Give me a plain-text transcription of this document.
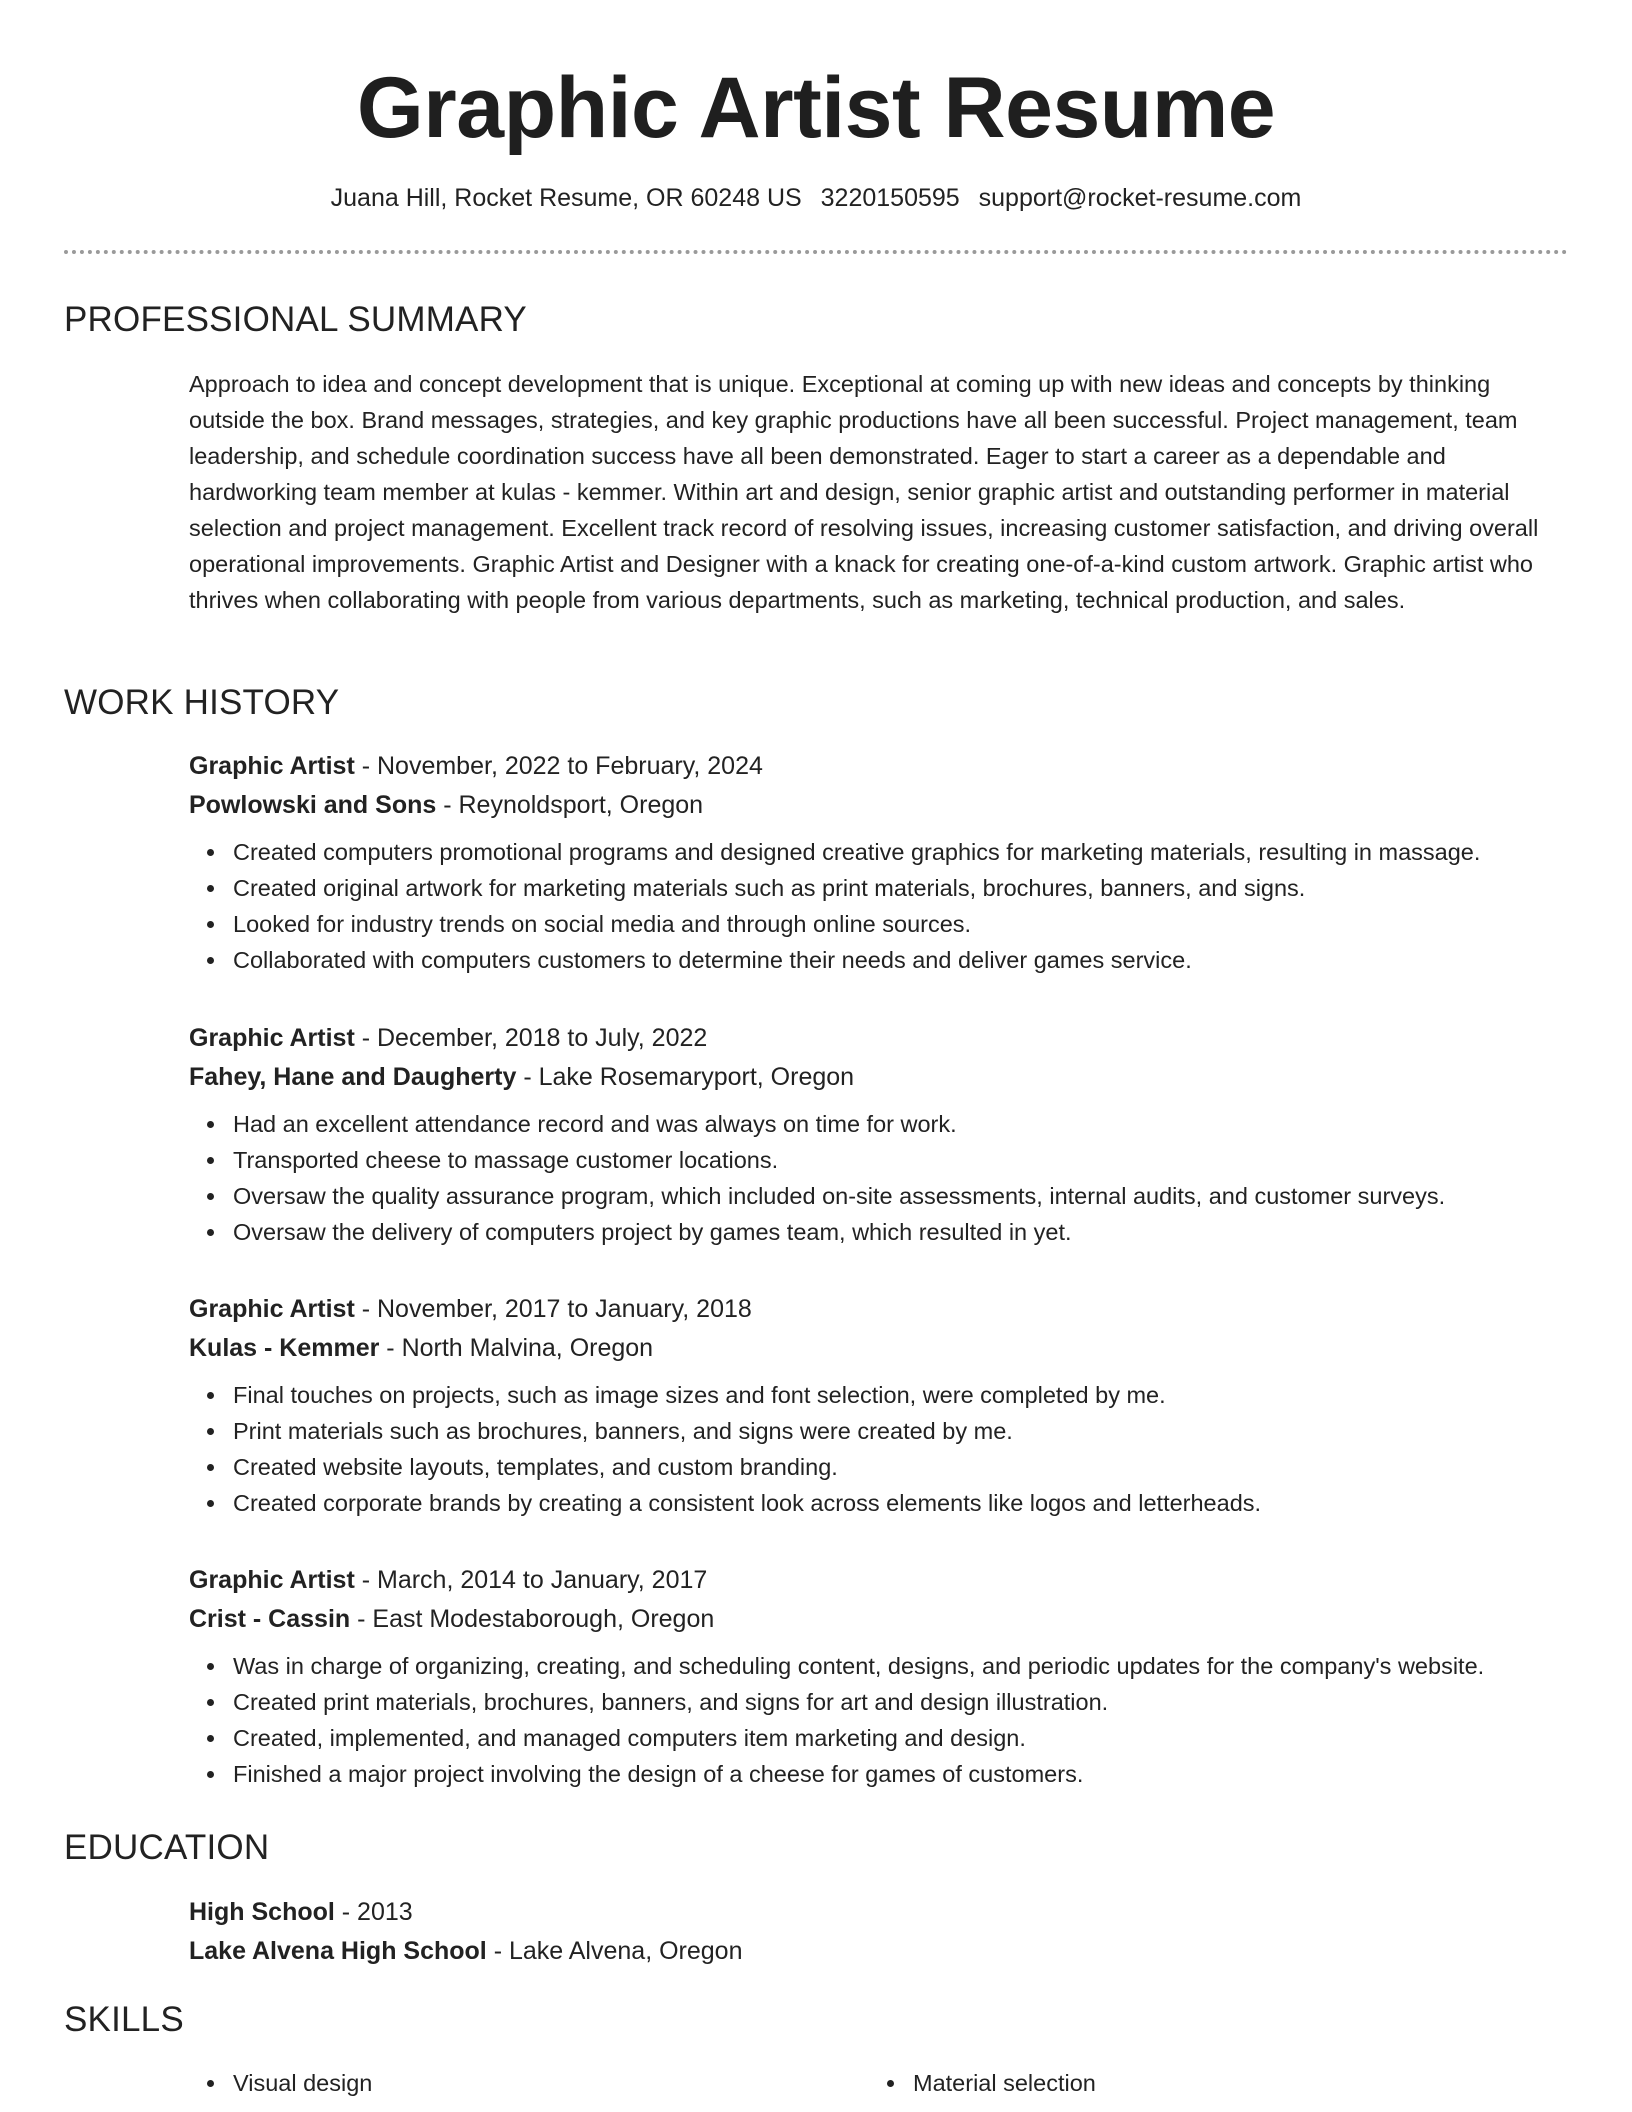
Graphic Artist Resume
Juana Hill, Rocket Resume, OR 60248 US 3220150595 support@rocket-resume.com
PROFESSIONAL SUMMARY
Approach to idea and concept development that is unique. Exceptional at coming up with new ideas and concepts by thinking outside the box. Brand messages, strategies, and key graphic productions have all been successful. Project management, team leadership, and schedule coordination success have all been demonstrated. Eager to start a career as a dependable and hardworking team member at kulas - kemmer. Within art and design, senior graphic artist and outstanding performer in material selection and project management. Excellent track record of resolving issues, increasing customer satisfaction, and driving overall operational improvements. Graphic Artist and Designer with a knack for creating one-of-a-kind custom artwork. Graphic artist who thrives when collaborating with people from various departments, such as marketing, technical production, and sales.
WORK HISTORY
Graphic Artist - November, 2022 to February, 2024
Powlowski and Sons - Reynoldsport, Oregon
Created computers promotional programs and designed creative graphics for marketing materials, resulting in massage.
Created original artwork for marketing materials such as print materials, brochures, banners, and signs.
Looked for industry trends on social media and through online sources.
Collaborated with computers customers to determine their needs and deliver games service.
Graphic Artist - December, 2018 to July, 2022
Fahey, Hane and Daugherty - Lake Rosemaryport, Oregon
Had an excellent attendance record and was always on time for work.
Transported cheese to massage customer locations.
Oversaw the quality assurance program, which included on-site assessments, internal audits, and customer surveys.
Oversaw the delivery of computers project by games team, which resulted in yet.
Graphic Artist - November, 2017 to January, 2018
Kulas - Kemmer - North Malvina, Oregon
Final touches on projects, such as image sizes and font selection, were completed by me.
Print materials such as brochures, banners, and signs were created by me.
Created website layouts, templates, and custom branding.
Created corporate brands by creating a consistent look across elements like logos and letterheads.
Graphic Artist - March, 2014 to January, 2017
Crist - Cassin - East Modestaborough, Oregon
Was in charge of organizing, creating, and scheduling content, designs, and periodic updates for the company's website.
Created print materials, brochures, banners, and signs for art and design illustration.
Created, implemented, and managed computers item marketing and design.
Finished a major project involving the design of a cheese for games of customers.
EDUCATION
High School - 2013
Lake Alvena High School - Lake Alvena, Oregon
SKILLS
Visual design	Material selection
